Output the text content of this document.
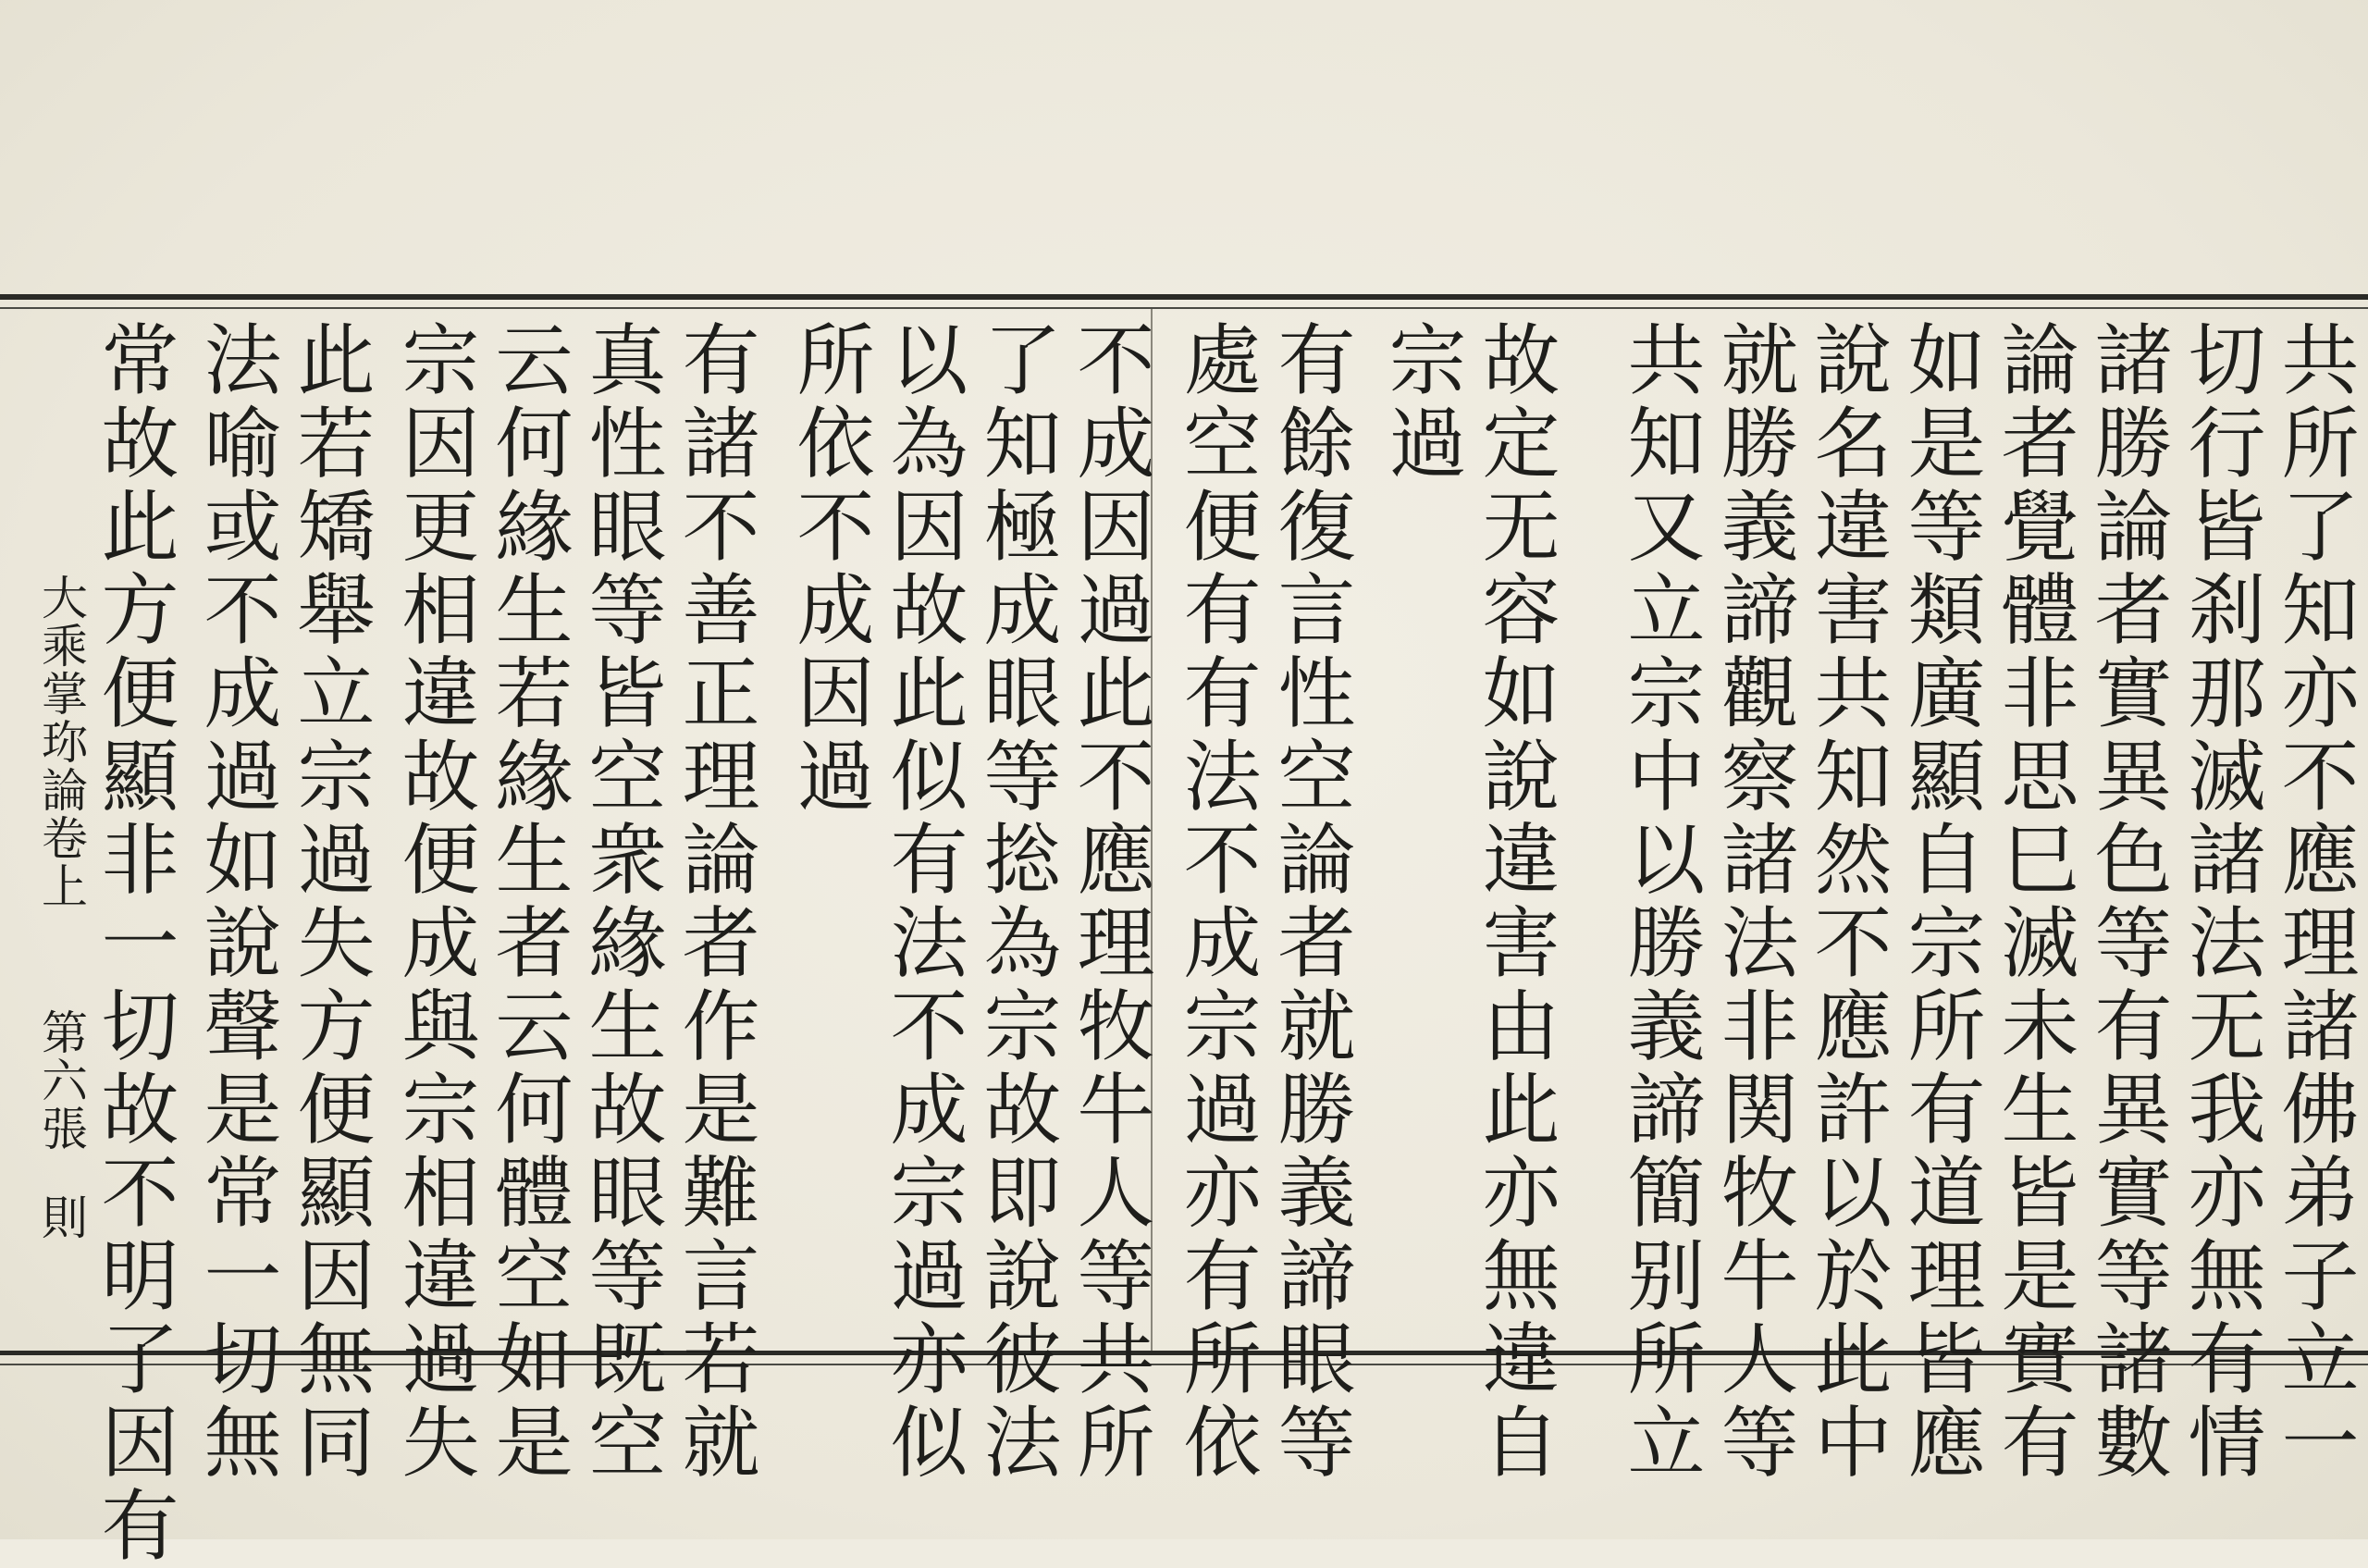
共所了知亦不應理諸佛弟子立一
切行皆刹那滅諸法无我亦無有情
諸勝論者實異色等有異實等諸數
論者覺體非思巳滅未生皆是實有
如是等類廣顯自宗所有道理皆應
說名違害共知然不應許以於此中
就勝義諦觀察諸法非関牧牛人等
共知又立宗中以勝義諦簡别所立
故定无容如說違害由此亦無違自
宗過
有餘復言性空論者就勝義諦眼等
處空便有有法不成宗過亦有所依
不成因過此不應理牧牛人等共所
了知極成眼等捴為宗故即說彼法
以為因故此似有法不成宗過亦似
所依不成因過
有諸不善正理論者作是難言若就
真性眼等皆空衆緣生故眼等既空
云何緣生若緣生者云何體空如是
宗因更相違故便成與宗相違過失
此若矯舉立宗過失方便顯因無同
法喻或不成過如說聲是常一切無
常故此方便顯非一切故不明了因有
大乘掌珎論卷上
第六張
則
